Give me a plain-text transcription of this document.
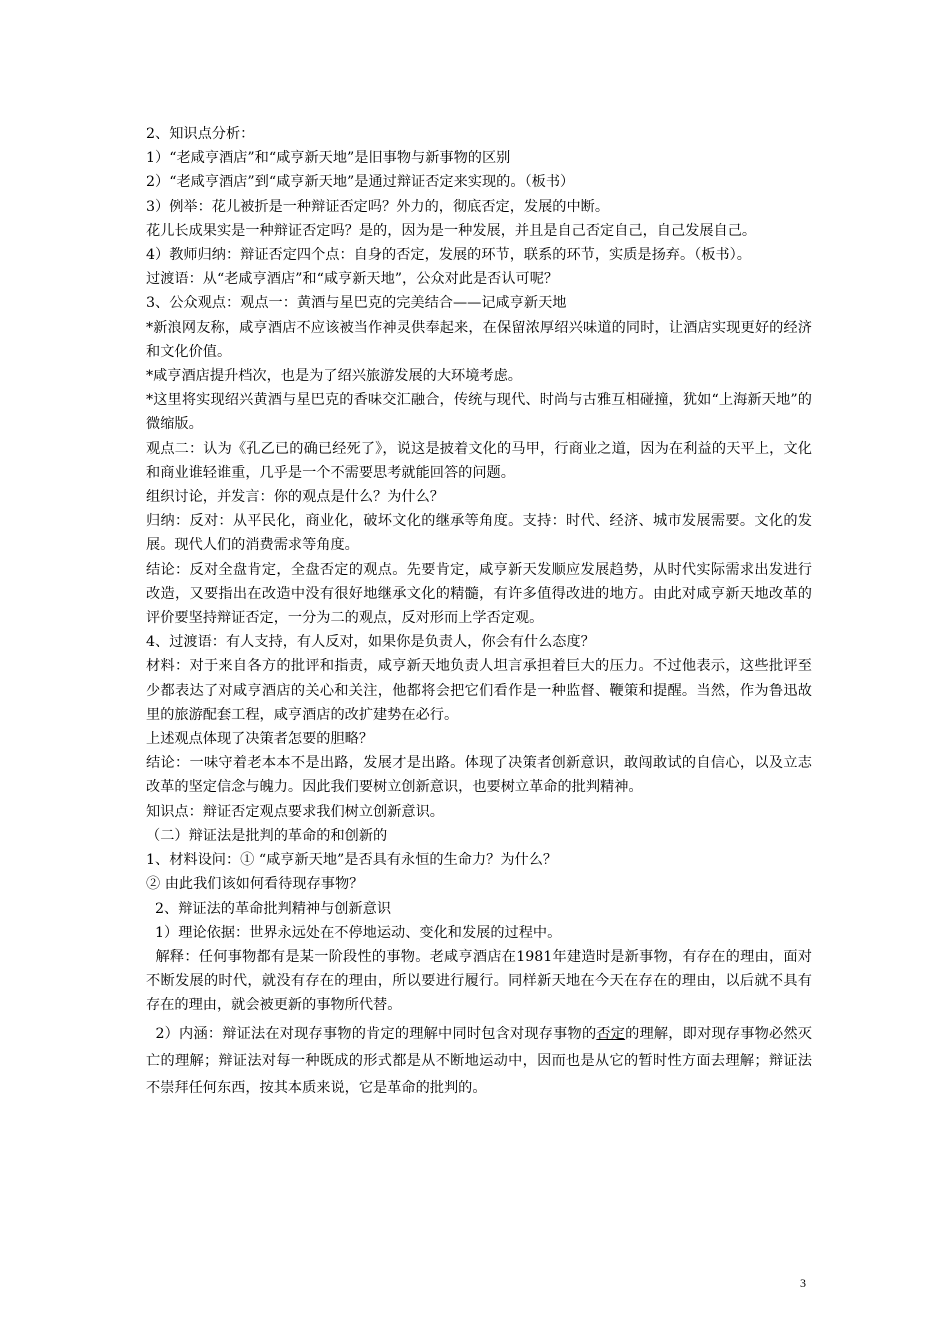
2、知识点分析：

1）“老咸亨酒店”和“咸亨新天地”是旧事物与新事物的区别

2）“老咸亨酒店”到“咸亨新天地”是通过辩证否定来实现的。（板书）

3）例举：花儿被折是一种辩证否定吗？外力的，彻底否定，发展的中断。

花儿长成果实是一种辩证否定吗？是的，因为是一种发展，并且是自己否定自己，自己发展自己。

4）教师归纳：辩证否定四个点：自身的否定，发展的环节，联系的环节，实质是扬弃。（板书）。

过渡语：从“老咸亨酒店”和“咸亨新天地”，公众对此是否认可呢？

3、公众观点：观点一：黄酒与星巴克的完美结合——记咸亨新天地

*新浪网友称，咸亨酒店不应该被当作神灵供奉起来，在保留浓厚绍兴味道的同时，让酒店实现更好的经济和文化价值。

*咸亨酒店提升档次，也是为了绍兴旅游发展的大环境考虑。

*这里将实现绍兴黄酒与星巴克的香味交汇融合，传统与现代、时尚与古雅互相碰撞，犹如“上海新天地”的微缩版。

观点二：认为《孔乙已的确已经死了》，说这是披着文化的马甲，行商业之道，因为在利益的天平上，文化和商业谁轻谁重，几乎是一个不需要思考就能回答的问题。

组织讨论，并发言：你的观点是什么？为什么？

归纳：反对：从平民化，商业化，破坏文化的继承等角度。支持：时代、经济、城市发展需要。文化的发展。现代人们的消费需求等角度。

结论：反对全盘肯定，全盘否定的观点。先要肯定，咸亨新天发顺应发展趋势，从时代实际需求出发进行改造，又要指出在改造中没有很好地继承文化的精髓，有许多值得改进的地方。由此对咸亨新天地改革的评价要坚持辩证否定，一分为二的观点，反对形而上学否定观。

4、过渡语：有人支持，有人反对，如果你是负责人，你会有什么态度？

材料：对于来自各方的批评和指责，咸亨新天地负责人坦言承担着巨大的压力。不过他表示，这些批评至少都表达了对咸亨酒店的关心和关注，他都将会把它们看作是一种监督、鞭策和提醒。当然，作为鲁迅故里的旅游配套工程，咸亨酒店的改扩建势在必行。

上述观点体现了决策者怎要的胆略？

结论：一味守着老本本不是出路，发展才是出路。体现了决策者创新意识，敢闯敢试的自信心，以及立志改革的坚定信念与魄力。因此我们要树立创新意识，也要树立革命的批判精神。

知识点：辩证否定观点要求我们树立创新意识。

（二）辩证法是批判的革命的和创新的

1、材料设问：① “咸亨新天地”是否具有永恒的生命力？为什么？

② 由此我们该如何看待现存事物？

2、辩证法的革命批判精神与创新意识

1）理论依据：世界永远处在不停地运动、变化和发展的过程中。

解释：任何事物都有是某一阶段性的事物。老咸亨酒店在1981年建造时是新事物，有存在的理由，面对不断发展的时代，就没有存在的理由，所以要进行履行。同样新天地在今天在存在的理由，以后就不具有存在的理由，就会被更新的事物所代替。

2）内涵：辩证法在对现存事物的肯定的理解中同时包含对现存事物的否定的理解，即对现存事物必然灭亡的理解；辩证法对每一种既成的形式都是从不断地运动中，因而也是从它的暂时性方面去理解；辩证法不崇拜任何东西，按其本质来说，它是革命的批判的。

3
